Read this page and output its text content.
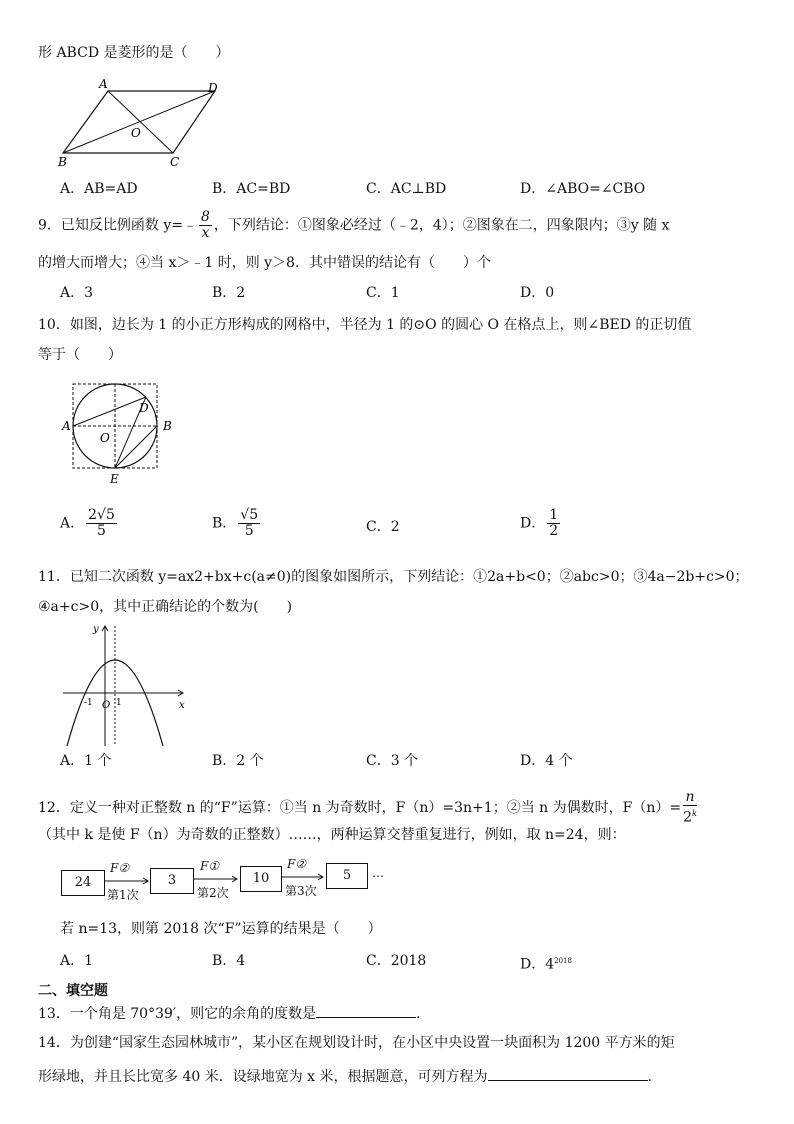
形 ABCD 是菱形的是（　　）
A	D
O
B	C
A．AB=AD	B．AC=BD	C．AC⊥BD	D．∠ABO=∠CBO
9．已知反比例函数 y=﹣ $\frac{8}{x}$ ，下列结论：①图象必经过（﹣2，4）；②图象在二，四象限内；③y 随 x
的增大而增大；④当 x＞﹣1 时，则 y＞8．其中错误的结论有（　　）个
A．3	B．2	C．1	D．0
10．如图，边长为 1 的小正方形构成的网格中，半径为 1 的⊙O 的圆心 O 在格点上，则∠BED 的正切值
等于（　　）
A	B
D
O
E
A． $\frac{2√5}{5}$	B． $\frac{√5}{5}$	C．2	D． $\frac{1}{2}$
11．已知二次函数 y=ax2+bx+c(a≠0)的图象如图所示，下列结论：①2a+b<0；②abc>0；③4a−2b+c>0；
④a+c>0，其中正确结论的个数为(　　)
y
x
O
-1	1
A．1 个	B．2 个	C．3 个	D．4 个
12．定义一种对正整数 n 的“F”运算：①当 n 为奇数时，F（n）=3n+1；②当 n 为偶数时，$F(n)= \frac{n}{2^k}$
（其中 k 是使 F（n）为奇数的正整数）……，两种运算交替重复进行，例如，取 n=24，则：
24	3	10	5
F②	F①	F②
第1次	第2次	第3次
…
若 n=13，则第 2018 次“F”运算的结果是（　　）
A．1	B．4	C．2018	D．$4^{2018}$
二、填空题
13．一个角是 70°39′，则它的余角的度数是	．
14．为创建“国家生态园林城市”，某小区在规划设计时，在小区中央设置一块面积为 1200 平方米的矩
形绿地，并且长比宽多 40 米．设绿地宽为 x 米，根据题意，可列方程为	．
